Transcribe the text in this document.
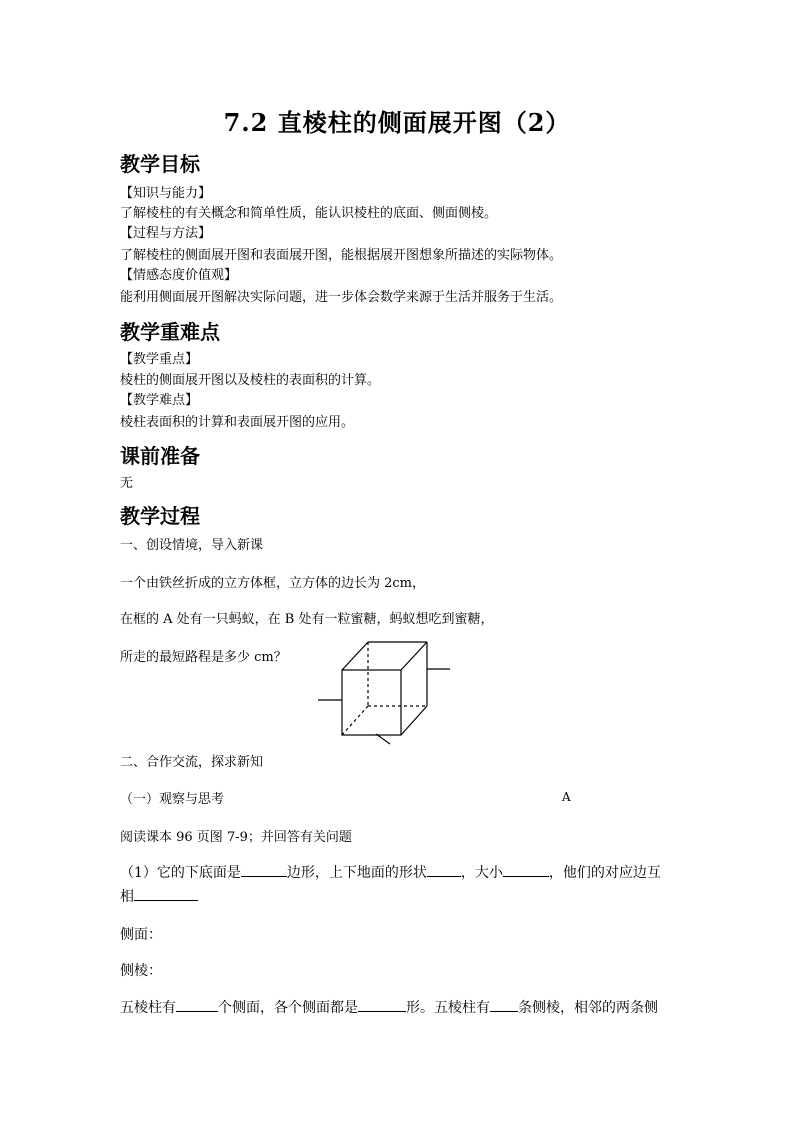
7.2 直棱柱的侧面展开图（2）
教学目标
【知识与能力】
了解棱柱的有关概念和简单性质，能认识棱柱的底面、侧面侧棱。
【过程与方法】
了解棱柱的侧面展开图和表面展开图，能根据展开图想象所描述的实际物体。
【情感态度价值观】
能利用侧面展开图解决实际问题，进一步体会数学来源于生活并服务于生活。
教学重难点
【教学重点】
棱柱的侧面展开图以及棱柱的表面积的计算。
【教学难点】
棱柱表面积的计算和表面展开图的应用。
课前准备
无
教学过程
一、创设情境，导入新课
一个由铁丝折成的立方体框，立方体的边长为 2cm，
在框的 A 处有一只蚂蚁，在 B 处有一粒蜜糖，蚂蚁想吃到蜜糖，
所走的最短路程是多少 cm？
二、合作交流，探求新知
（一）观察与思考	A
阅读课本 96 页图 7-9；并回答有关问题
（1）它的下底面是	边形，上下地面的形状 ，大小	，他们的对应边互
相
侧面：
侧棱：
五棱柱有	个侧面，各个侧面都是	形。五棱柱有 条侧棱，相邻的两条侧
